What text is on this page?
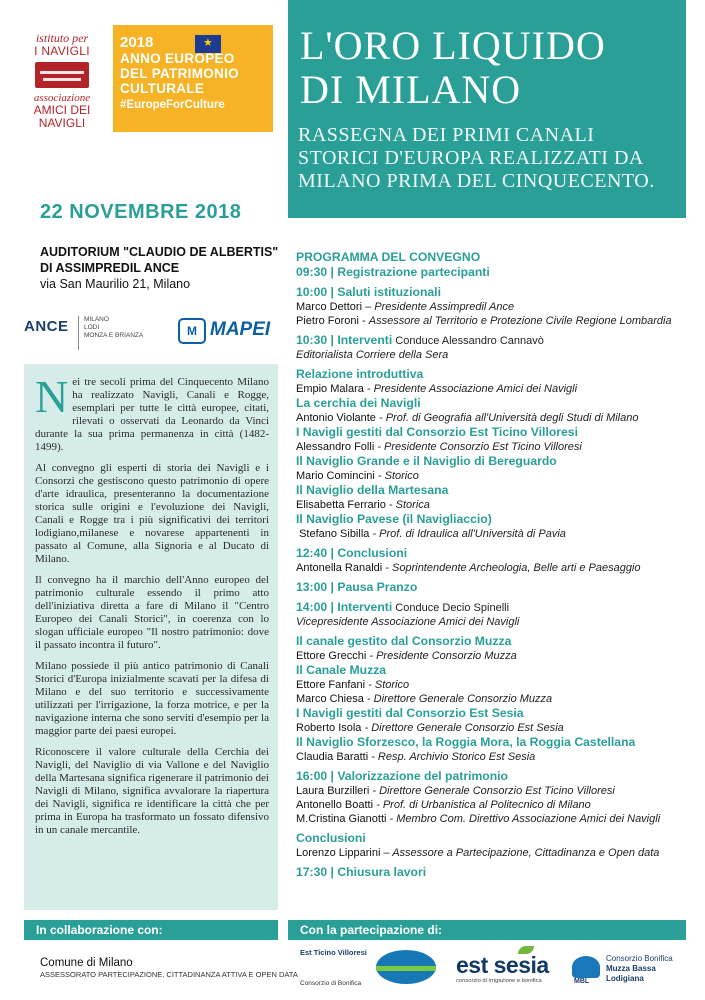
istituto per
I NAVIGLI
associazione
AMICI DEI
NAVIGLI
★
2018
ANNO EUROPEO
DEL PATRIMONIO
CULTURALE
#EuropeForCulture
L'ORO LIQUIDO
DI MILANO
RASSEGNA DEI PRIMI CANALI STORICI D'EUROPA REALIZZATI DA MILANO PRIMA DEL CINQUECENTO.
22 NOVEMBRE 2018
AUDITORIUM "CLAUDIO DE ALBERTIS"
DI ASSIMPREDIL ANCE
via San Maurilio 21, Milano
ANCE MILANO
LODI
MONZA E BRIANZA	M MAPEI

Nei tre secoli prima del Cinquecento Milano ha realizzato Navigli, Canali e Rogge, esemplari per tutte le città europee, citati, rilevati o osservati da Leonardo da Vinci durante la sua prima permanenza in città (1482-1499).

Al convegno gli esperti di storia dei Navigli e i Consorzi che gestiscono questo patrimonio di opere d'arte idraulica, presenteranno la documentazione storica sulle origini e l'evoluzione dei Navigli, Canali e Rogge tra i più significativi dei territori lodigiano,milanese e novarese appartenenti in passato al Comune, alla Signoria e al Ducato di Milano.

Il convegno ha il marchio dell'Anno europeo del patrimonio culturale essendo il primo atto dell'iniziativa diretta a fare di Milano il "Centro Europeo dei Canali Storici", in coerenza con lo slogan ufficiale europeo "Il nostro patrimonio: dove il passato incontra il futuro".

Milano possiede il più antico patrimonio di Canali Storici d'Europa inizialmente scavati per la difesa di Milano e del suo territorio e successivamente utilizzati per l'irrigazione, la forza motrice, e per la navigazione interna che sono serviti d'esempio per la maggior parte dei paesi europei.

Riconoscere il valore culturale della Cerchia dei Navigli, del Naviglio di via Vallone e del Naviglio della Martesana significa rigenerare il patrimonio dei Navigli di Milano, significa avvalorare la riapertura dei Navigli, significa re identificare la città che per prima in Europa ha trasformato un fossato difensivo in un canale mercantile.

PROGRAMMA DEL CONVEGNO
09:30 | Registrazione partecipanti
10:00 | Saluti istituzionali
Marco Dettori – Presidente Assimpredil Ance
Pietro Foroni - Assessore al Territorio e Protezione Civile Regione Lombardia
10:30 | Interventi Conduce Alessandro Cannavò
Editorialista Corriere della Sera
Relazione introduttiva
Empio Malara - Presidente Associazione Amici dei Navigli
La cerchia dei Navigli
Antonio Violante - Prof. di Geografia all'Università degli Studi di Milano
I Navigli gestiti dal Consorzio Est Ticino Villoresi
Alessandro Folli - Presidente Consorzio Est Ticino Villoresi
Il Naviglio Grande e il Naviglio di Bereguardo
Mario Comincini - Storico
Il Naviglio della Martesana
Elisabetta Ferrario - Storica
Il Naviglio Pavese (il Navigliaccio)
Stefano Sibilla - Prof. di Idraulica all'Università di Pavia
12:40 | Conclusioni
Antonella Ranaldi - Soprintendente Archeologia, Belle arti e Paesaggio
13:00 | Pausa Pranzo
14:00 | Interventi Conduce Decio Spinelli
Vicepresidente Associazione Amici dei Navigli
Il canale gestito dal Consorzio Muzza
Ettore Grecchi - Presidente Consorzio Muzza
Il Canale Muzza
Ettore Fanfani - Storico
Marco Chiesa - Direttore Generale Consorzio Muzza
I Navigli gestiti dal Consorzio Est Sesia
Roberto Isola - Direttore Generale Consorzio Est Sesia
Il Naviglio Sforzesco, la Roggia Mora, la Roggia Castellana
Claudia Baratti - Resp. Archivio Storico Est Sesia
16:00 | Valorizzazione del patrimonio
Laura Burzilleri - Direttore Generale Consorzio Est Ticino Villoresi
Antonello Boatti - Prof. di Urbanistica al Politecnico di Milano
M.Cristina Gianotti - Membro Com. Direttivo Associazione Amici dei Navigli
Conclusioni
Lorenzo Lipparini – Assessore a Partecipazione, Cittadinanza e Open data
17:30 | Chiusura lavori
In collaborazione con:	Con la partecipazione di:
Comune di Milano
ASSESSORATO PARTECIPAZIONE, CITTADINANZA ATTIVA E OPEN DATA
Est Ticino Villoresi
Consorzio di Bonifica
est sesia
consorzio di irrigazione e bonifica	MBL
Consorzio Bonifica
Muzza Bassa
Lodigiana
